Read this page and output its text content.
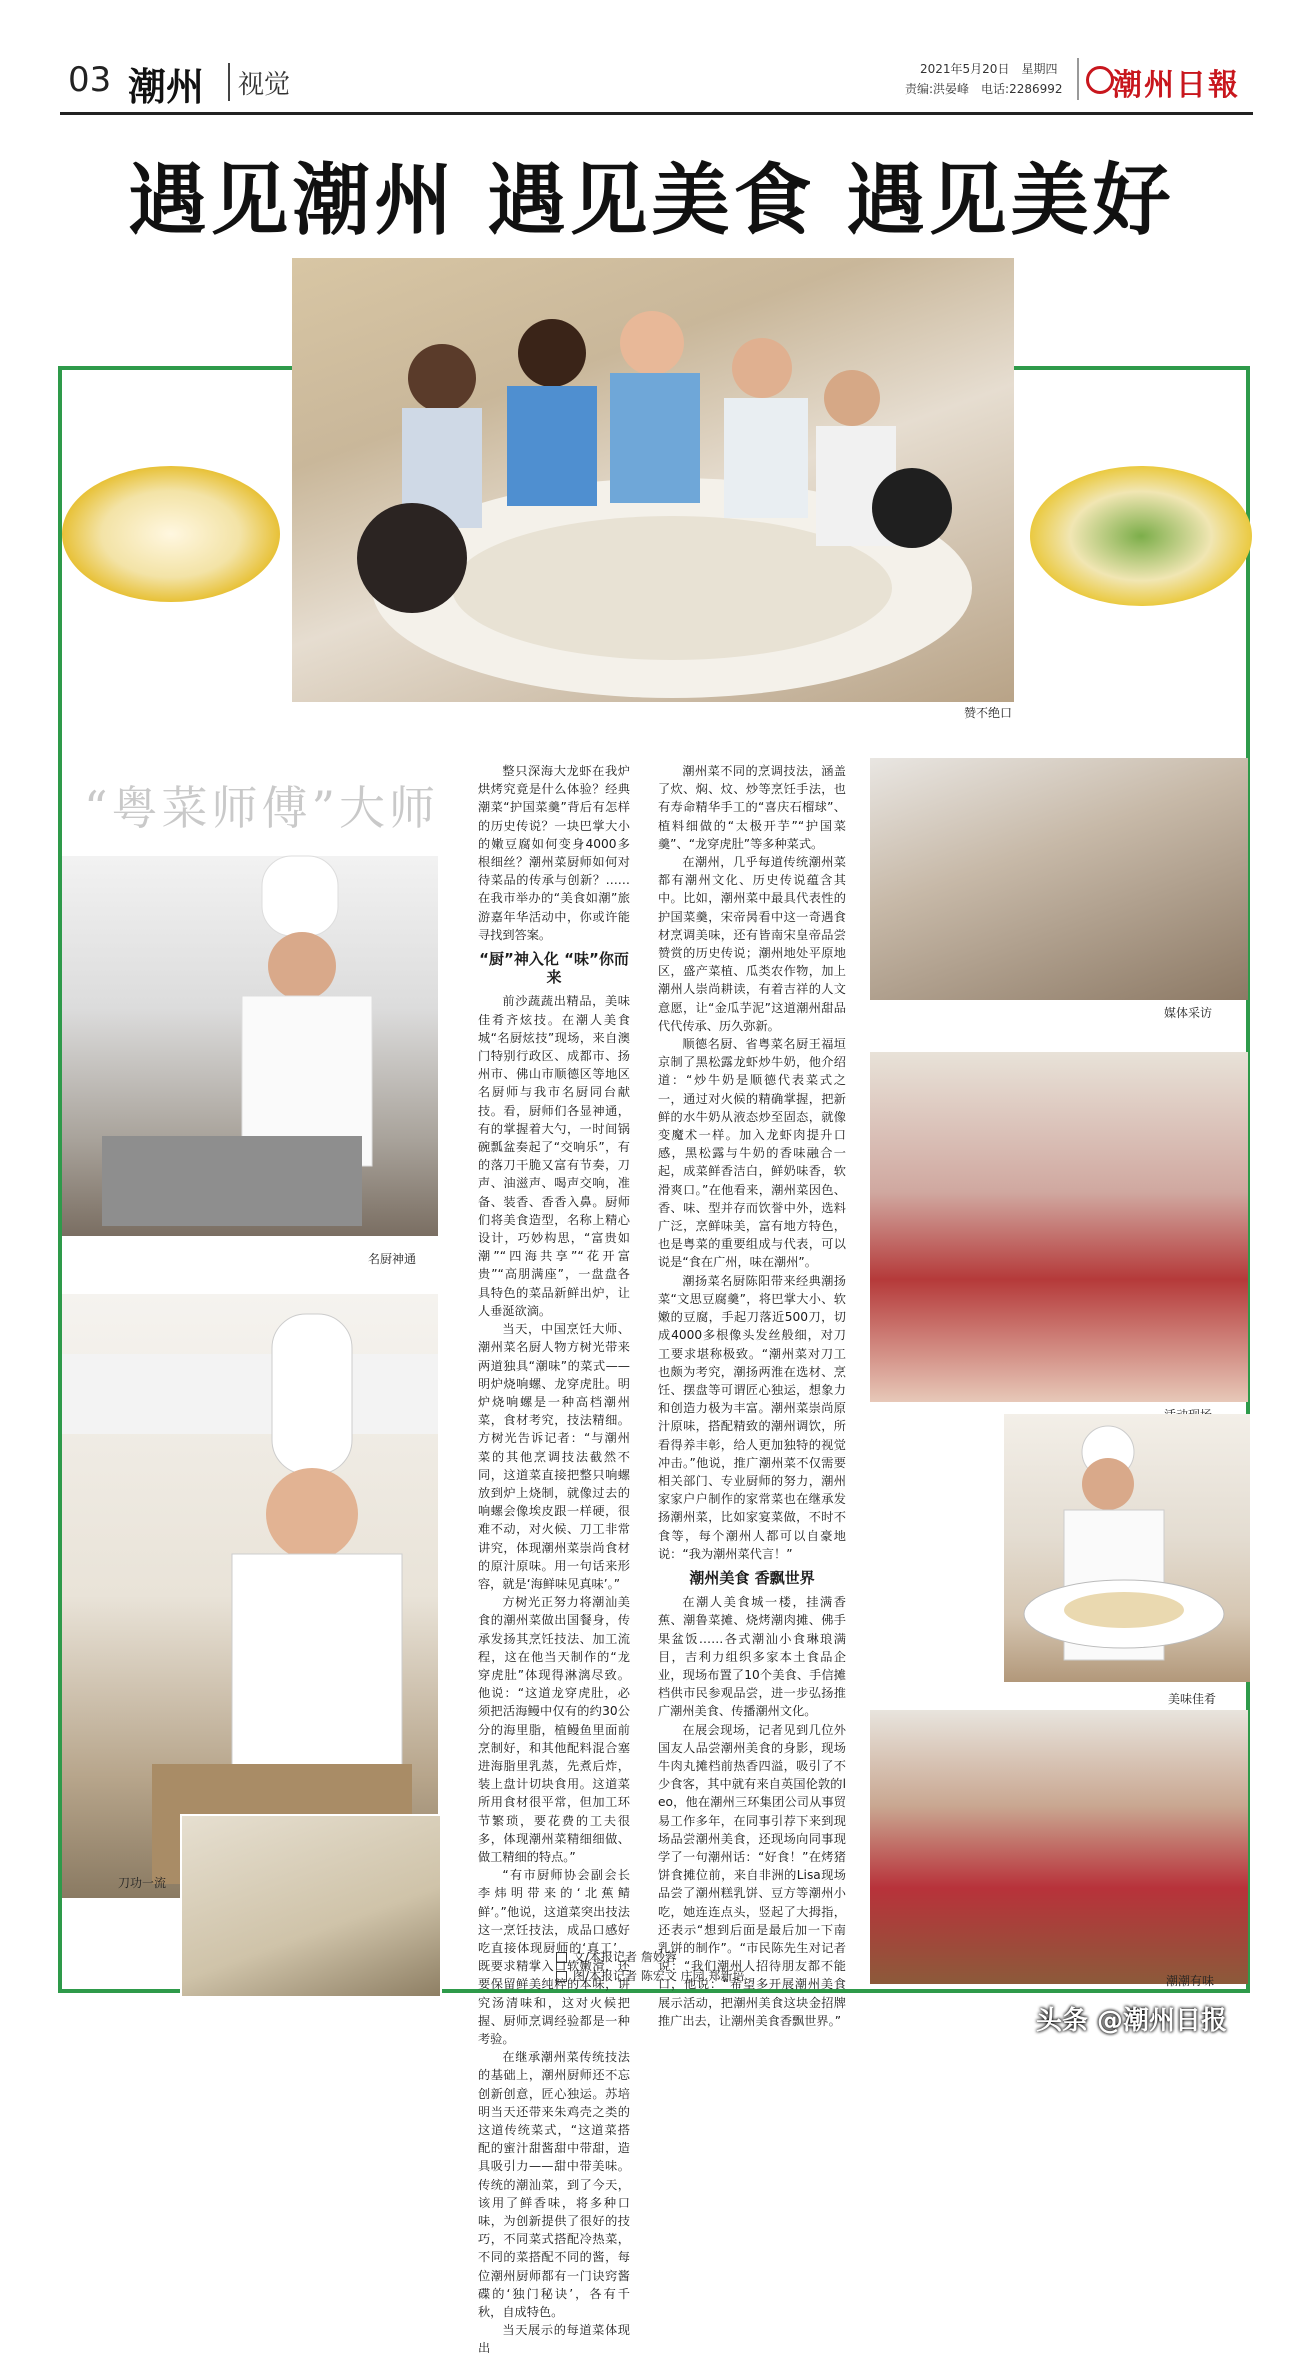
03 潮州 视觉
2021年5月20日　星期四
责编:洪晏峰　电话:2286992 潮州日報
遇见潮州 遇见美食 遇见美好
赞不绝口
“粤菜师傅”大师
名厨神通
刀功一流
媒体采访
美味佳肴
潮潮有味

整只深海大龙虾在我炉烘烤究竟是什么体验？经典潮菜“护国菜羹”背后有怎样的历史传说？一块巴掌大小的嫩豆腐如何变身4000多根细丝？潮州菜厨师如何对待菜品的传承与创新？……在我市举办的“美食如潮”旅游嘉年华活动中，你或许能寻找到答案。

“厨”神入化 “味”你而来

前沙蔬蔬出精品，美味佳肴齐炫技。在潮人美食城“名厨炫技”现场，来自澳门特别行政区、成都市、扬州市、佛山市顺德区等地区名厨师与我市名厨同台献技。看，厨师们各显神通，有的掌握着大勺，一时间锅碗瓢盆奏起了“交响乐”，有的落刀干脆又富有节奏，刀声、油滋声、喝声交响，准备、装香、香香入鼻。厨师们将美食造型，名称上精心设计，巧妙构思，“富贵如潮”“四海共享”“花开富贵”“高朋满座”，一盘盘各具特色的菜品新鲜出炉，让人垂涎欲滴。

当天，中国烹饪大师、潮州菜名厨人物方树光带来两道独具“潮味”的菜式——明炉烧响螺、龙穿虎肚。明炉烧响螺是一种高档潮州菜，食材考究，技法精细。方树光告诉记者：“与潮州菜的其他烹调技法截然不同，这道菜直接把整只响螺放到炉上烧制，就像过去的响螺会像埃皮跟一样硬，很难不动，对火候、刀工非常讲究，体现潮州菜崇尚食材的原汁原味。用一句话来形容，就是‘海鲜味见真味’。”

方树光正努力将潮汕美食的潮州菜做出国餐身，传承发扬其烹饪技法、加工流程，这在他当天制作的“龙穿虎肚”体现得淋漓尽致。他说：“这道龙穿虎肚，必须把活海鳗中仅有的约30公分的海里脂，植鳗鱼里面前烹制好，和其他配料混合塞进海脂里乳蒸，先煮后炸，装上盘计切块食用。这道菜所用食材很平常，但加工环节繁琐，要花费的工夫很多，体现潮州菜精细细做、做工精细的特点。”

“有市厨师协会副会长李炜明带来的‘北蕉鲭鲜’。”他说，这道菜突出技法这一烹饪技法，成品口感好吃直接体现厨师的‘真工’，既要求精掌入口软嫩滑，还要保留鲜美纯粹的本味，讲究汤清味和，这对火候把握、厨师烹调经验都是一种考验。

在继承潮州菜传统技法的基础上，潮州厨师还不忘创新创意，匠心独运。苏培明当天还带来朱鸡壳之类的这道传统菜式，“这道菜搭配的蜜汁甜酱甜中带甜，造具吸引力——甜中带美味。传统的潮汕菜，到了今天，该用了鲜香味，将多种口味，为创新提供了很好的技巧，不同菜式搭配冷热菜，不同的菜搭配不同的酱，每位潮州厨师都有一门诀窍酱碟的‘独门秘诀’，各有千秋，自成特色。

当天展示的每道菜体现出

潮州菜不同的烹调技法，涵盖了炊、焖、炆、炒等烹饪手法，也有寿命精华手工的“喜庆石榴球”、植料细做的“太极开芋”“护国菜羹”、“龙穿虎肚”等多种菜式。

在潮州，几乎每道传统潮州菜都有潮州文化、历史传说蕴含其中。比如，潮州菜中最具代表性的护国菜羹，宋帝昺看中这一奇遇食材烹调美味，还有皆南宋皇帝品尝赞赏的历史传说；潮州地处平原地区，盛产菜植、瓜类农作物，加上潮州人崇尚耕读，有着吉祥的人文意愿，让“金瓜芋泥”这道潮州甜品代代传承、历久弥新。

顺德名厨、省粤菜名厨王福垣京制了黑松露龙虾炒牛奶，他介绍道：“炒牛奶是顺德代表菜式之一，通过对火候的精确掌握，把新鲜的水牛奶从液态炒至固态，就像变魔术一样。加入龙虾肉提升口感，黑松露与牛奶的香味融合一起，成菜鲜香洁白，鲜奶味香，软滑爽口。”在他看来，潮州菜因色、香、味、型并存而饮誉中外，选料广泛，烹鲜味美，富有地方特色，也是粤菜的重要组成与代表，可以说是“食在广州，味在潮州”。

潮扬菜名厨陈阳带来经典潮扬菜“文思豆腐羹”，将巴掌大小、软嫩的豆腐，手起刀落近500刀，切成4000多根像头发丝般细，对刀工要求堪称极致。“潮州菜对刀工也颇为考究，潮扬两淮在选材、烹饪、摆盘等可谓匠心独运，想象力和创造力极为丰富。潮州菜崇尚原汁原味，搭配精致的潮州调饮，所看得养丰彰，给人更加独特的视觉冲击。”他说，推广潮州菜不仅需要相关部门、专业厨师的努力，潮州家家户户制作的家常菜也在继承发扬潮州菜，比如家宴菜做，不时不食等，每个潮州人都可以自豪地说：“我为潮州菜代言！”

潮州美食 香飘世界

在潮人美食城一楼，挂满香蕉、潮鲁菜摊、烧烤潮肉摊、佛手果盆饭……各式潮汕小食琳琅满目，吉利力组织多家本土食品企业，现场布置了10个美食、手信摊档供市民参观品尝，进一步弘扬推广潮州美食、传播潮州文化。

在展会现场，记者见到几位外国友人品尝潮州美食的身影，现场牛肉丸摊档前热香四溢，吸引了不少食客，其中就有来自英国伦敦的leo，他在潮州三环集团公司从事贸易工作多年，在同事引荐下来到现场品尝潮州美食，还现场向同事现学了一句潮州话：“好食！”在烤猪饼食摊位前，来自非洲的Lisa现场品尝了潮州糕乳饼、豆方等潮州小吃，她连连点头，竖起了大拇指，还表示“想到后面是最后加一下南乳饼的制作”。“市民陈先生对记者说：“我们潮州人招待朋友都不能口，他说：“希望多开展潮州美食展示活动，把潮州美食这块金招牌推广出去，让潮州美食香飘世界。”

文/本报记者 詹妙蓉
图/本报记者 陈宏文 庄园 郑新培
头条 @潮州日报
